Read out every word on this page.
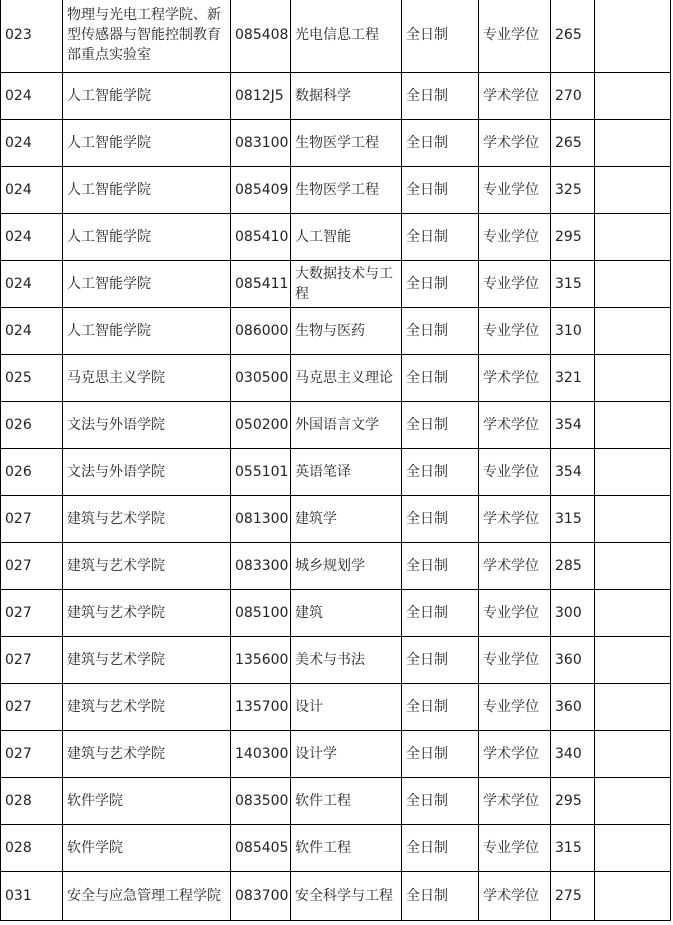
023	物理与光电工程学院、新型传感器与智能控制教育部重点实验室	085408	光电信息工程	全日制	专业学位	265	
024	人工智能学院	0812J5	数据科学	全日制	学术学位	270	
024	人工智能学院	083100	生物医学工程	全日制	学术学位	265	
024	人工智能学院	085409	生物医学工程	全日制	专业学位	325	
024	人工智能学院	085410	人工智能	全日制	专业学位	295	
024	人工智能学院	085411	大数据技术与工程	全日制	专业学位	315	
024	人工智能学院	086000	生物与医药	全日制	专业学位	310	
025	马克思主义学院	030500	马克思主义理论	全日制	学术学位	321	
026	文法与外语学院	050200	外国语言文学	全日制	学术学位	354	
026	文法与外语学院	055101	英语笔译	全日制	专业学位	354	
027	建筑与艺术学院	081300	建筑学	全日制	学术学位	315	
027	建筑与艺术学院	083300	城乡规划学	全日制	学术学位	285	
027	建筑与艺术学院	085100	建筑	全日制	专业学位	300	
027	建筑与艺术学院	135600	美术与书法	全日制	专业学位	360	
027	建筑与艺术学院	135700	设计	全日制	专业学位	360	
027	建筑与艺术学院	140300	设计学	全日制	学术学位	340	
028	软件学院	083500	软件工程	全日制	学术学位	295	
028	软件学院	085405	软件工程	全日制	专业学位	315	
031	安全与应急管理工程学院	083700	安全科学与工程	全日制	学术学位	275	
